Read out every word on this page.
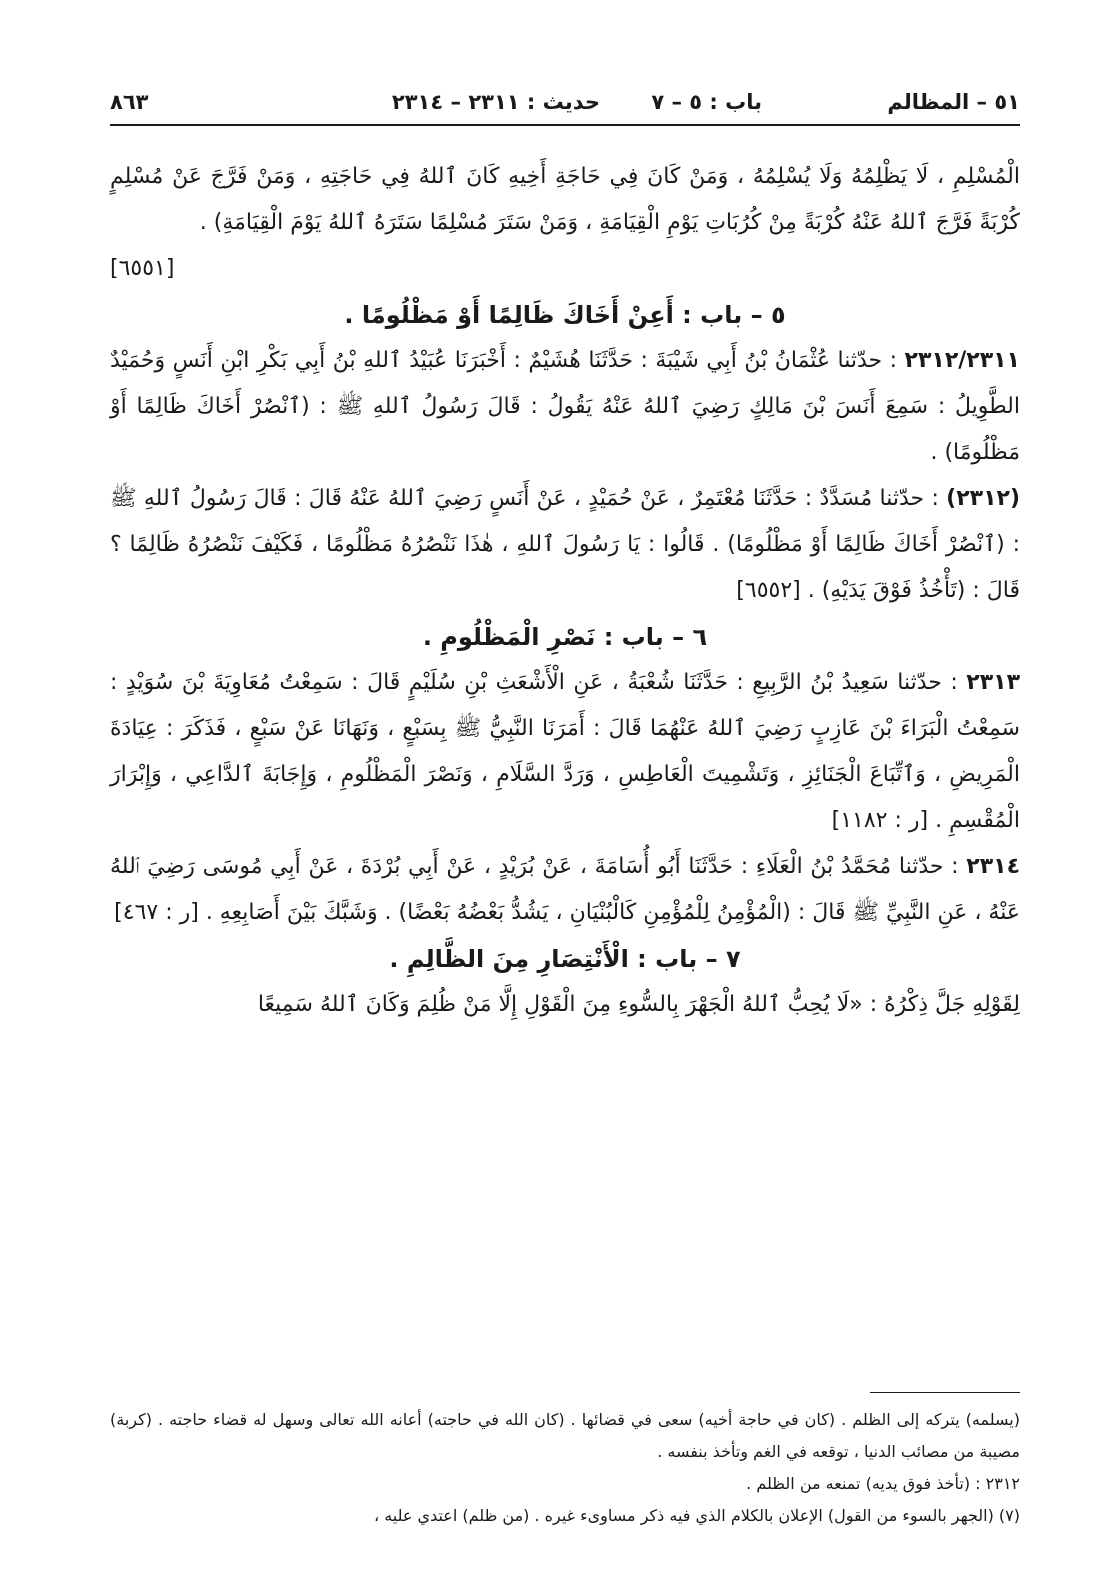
٥١ – المظالم
باب : ٥ – ٧
حديث : ٢٣١١ – ٢٣١٤
٨٦٣

الْمُسْلِمِ ، لَا يَظْلِمُهُ وَلَا يُسْلِمُهُ ، وَمَنْ كَانَ فِي حَاجَةِ أَخِيهِ كَانَ ٱللهُ فِي حَاجَتِهِ ، وَمَنْ فَرَّجَ عَنْ مُسْلِمٍ كُرْبَةً فَرَّجَ ٱللهُ عَنْهُ كُرْبَةً مِنْ كُرُبَاتِ يَوْمِ الْقِيَامَةِ ، وَمَنْ سَتَرَ مُسْلِمًا سَتَرَهُ ٱللهُ يَوْمَ الْقِيَامَةِ) .

[٦٥٥١]

٥ – باب : أَعِنْ أَخَاكَ ظَالِمًا أَوْ مَظْلُومًا .

٢٣١٢/٢٣١١ : حدّثنا عُثْمَانُ بْنُ أَبِي شَيْبَةَ : حَدَّثَنَا هُشَيْمٌ : أَخْبَرَنَا عُبَيْدُ ٱللهِ بْنُ أَبِي بَكْرِ ابْنِ أَنَسٍ وَحُمَيْدٌ الطَّوِيلُ : سَمِعَ أَنَسَ بْنَ مَالِكٍ رَضِيَ ٱللهُ عَنْهُ يَقُولُ : قَالَ رَسُولُ ٱللهِ ﷺ : (ٱنْصُرْ أَخَاكَ ظَالِمًا أَوْ مَظْلُومًا) .

(٢٣١٢) : حدّثنا مُسَدَّدٌ : حَدَّثَنَا مُعْتَمِرٌ ، عَنْ حُمَيْدٍ ، عَنْ أَنَسٍ رَضِيَ ٱللهُ عَنْهُ قَالَ : قَالَ رَسُولُ ٱللهِ ﷺ : (ٱنْصُرْ أَخَاكَ ظَالِمًا أَوْ مَظْلُومًا) . قَالُوا : يَا رَسُولَ ٱللهِ ، هٰذَا نَنْصُرُهُ مَظْلُومًا ، فَكَيْفَ نَنْصُرُهُ ظَالِمًا ؟ قَالَ : (تَأْخُذُ فَوْقَ يَدَيْهِ) . [٦٥٥٢]

٦ – باب : نَصْرِ الْمَظْلُومِ .

٢٣١٣ : حدّثنا سَعِيدُ بْنُ الرَّبِيعِ : حَدَّثَنَا شُعْبَةُ ، عَنِ الْأَشْعَثِ بْنِ سُلَيْمٍ قَالَ : سَمِعْتُ مُعَاوِيَةَ بْنَ سُوَيْدٍ : سَمِعْتُ الْبَرَاءَ بْنَ عَازِبٍ رَضِيَ ٱللهُ عَنْهُمَا قَالَ : أَمَرَنَا النَّبِيُّ ﷺ بِسَبْعٍ ، وَنَهَانَا عَنْ سَبْعٍ ، فَذَكَرَ : عِيَادَةَ الْمَرِيضِ ، وَٱتِّبَاعَ الْجَنَائِزِ ، وَتَشْمِيتَ الْعَاطِسِ ، وَرَدَّ السَّلَامِ ، وَنَصْرَ الْمَظْلُومِ ، وَإِجَابَةَ ٱلدَّاعِي ، وَإِبْرَارَ الْمُقْسِمِ . [ر : ١١٨٢]

٢٣١٤ : حدّثنا مُحَمَّدُ بْنُ الْعَلَاءِ : حَدَّثَنَا أَبُو أُسَامَةَ ، عَنْ بُرَيْدٍ ، عَنْ أَبِي بُرْدَةَ ، عَنْ أَبِي مُوسَى رَضِيَ ٱللهُ عَنْهُ ، عَنِ النَّبِيِّ ﷺ قَالَ : (الْمُؤْمِنُ لِلْمُؤْمِنِ كَالْبُنْيَانِ ، يَشُدُّ بَعْضُهُ بَعْضًا) . وَشَبَّكَ بَيْنَ أَصَابِعِهِ . [ر : ٤٦٧]

٧ – باب : الْأَنْتِصَارِ مِنَ الظَّالِمِ .

لِقَوْلِهِ جَلَّ ذِكْرُهُ : «لَا يُحِبُّ ٱللهُ الْجَهْرَ بِالسُّوءِ مِنَ الْقَوْلِ إِلَّا مَنْ ظُلِمَ وَكَانَ ٱللهُ سَمِيعًا

(يسلمه) يتركه إلى الظلم . (كان في حاجة أخيه) سعى في قضائها . (كان الله في حاجته) أعانه الله تعالى وسهل له قضاء حاجته . (كربة) مصيبة من مصائب الدنيا ، توقعه في الغم وتأخذ بنفسه .

٢٣١٢ : (تأخذ فوق يديه) تمنعه من الظلم .

(٧) (الجهر بالسوء من القول) الإعلان بالكلام الذي فيه ذكر مساوىء غيره . (من ظلم) اعتدي عليه ،
